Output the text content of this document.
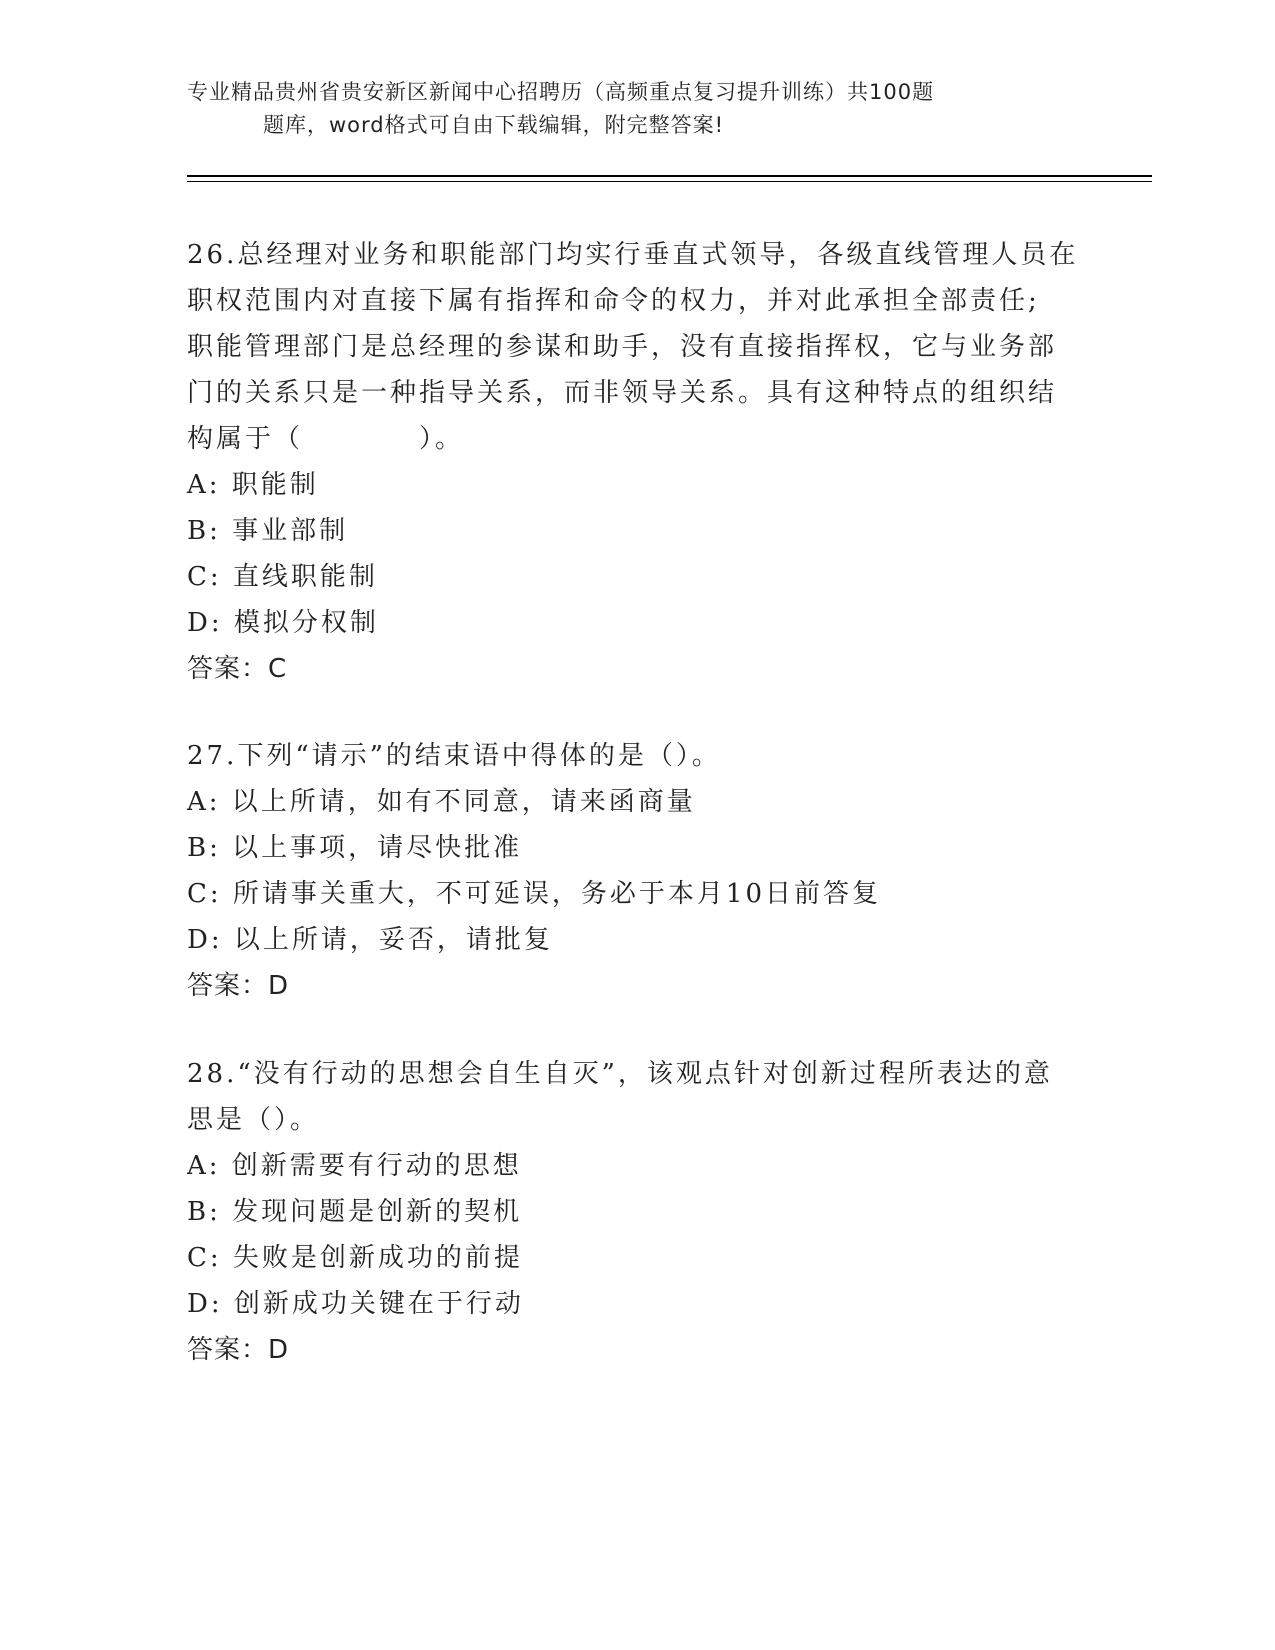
专业精品贵州省贵安新区新闻中心招聘历（高频重点复习提升训练）共100题
题库，word格式可自由下载编辑，附完整答案!
26.总经理对业务和职能部门均实行垂直式领导，各级直线管理人员在
职权范围内对直接下属有指挥和命令的权力，并对此承担全部责任;
职能管理部门是总经理的参谋和助手，没有直接指挥权，它与业务部
门的关系只是一种指导关系，而非领导关系。具有这种特点的组织结
构属于（　　　　）。
A: 职能制
B: 事业部制
C: 直线职能制
D: 模拟分权制
答案：C
27.下列“请示”的结束语中得体的是（）。
A: 以上所请，如有不同意，请来函商量
B: 以上事项，请尽快批准
C: 所请事关重大，不可延误，务必于本月10日前答复
D: 以上所请，妥否，请批复
答案：D
28.“没有行动的思想会自生自灭”，该观点针对创新过程所表达的意
思是（）。
A: 创新需要有行动的思想
B: 发现问题是创新的契机
C: 失败是创新成功的前提
D: 创新成功关键在于行动
答案：D
